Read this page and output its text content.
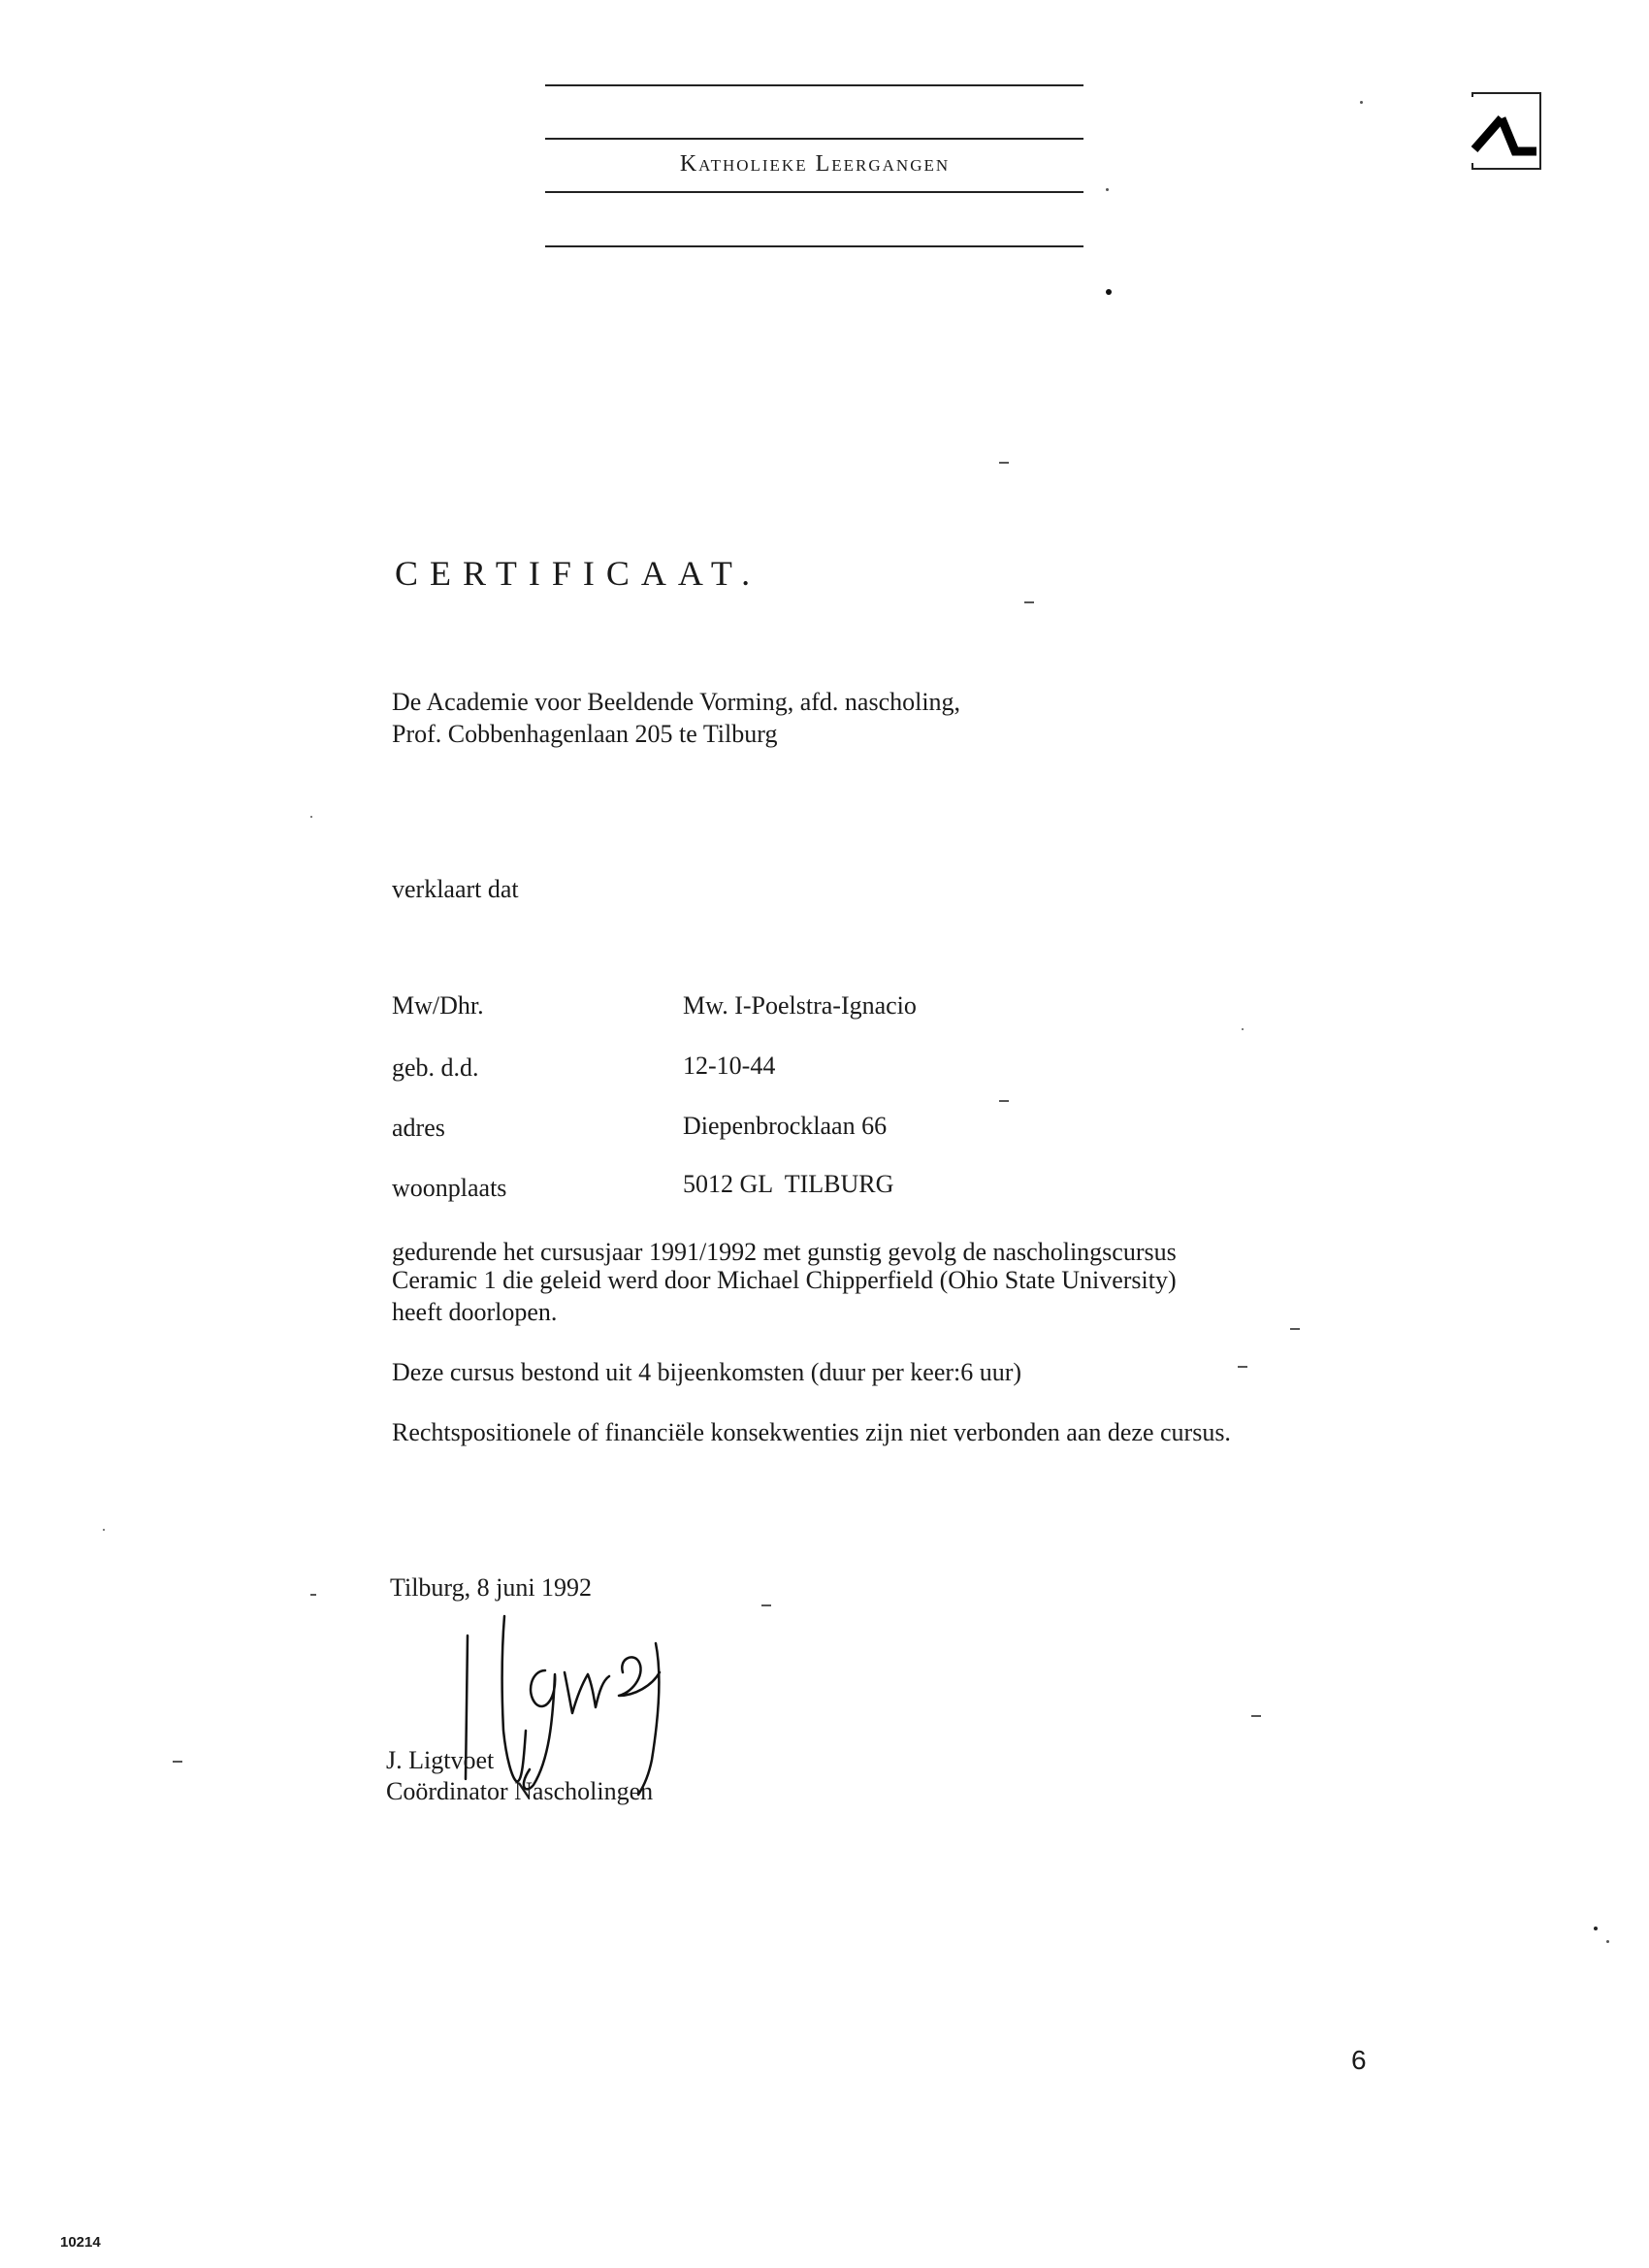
Katholieke Leergangen
CERTIFICAAT.
De Academie voor Beeldende Vorming, afd. nascholing,
Prof. Cobbenhagenlaan 205 te Tilburg
verklaart dat
Mw/Dhr.	Mw. I-Poelstra-Ignacio
geb. d.d.	12-10-44
adres	Diepenbrocklaan 66
woonplaats	5012 GL  TILBURG
gedurende het cursusjaar 1991/1992 met gunstig gevolg de nascholingscursus
Ceramic 1 die geleid werd door Michael Chipperfield (Ohio State University)
heeft doorlopen.
Deze cursus bestond uit 4 bijeenkomsten (duur per keer:6 uur)
Rechtspositionele of financiële konsekwenties zijn niet verbonden aan deze cursus.
Tilburg, 8 juni 1992
J. Ligtvoet
Coördinator Nascholingen
6
10214
